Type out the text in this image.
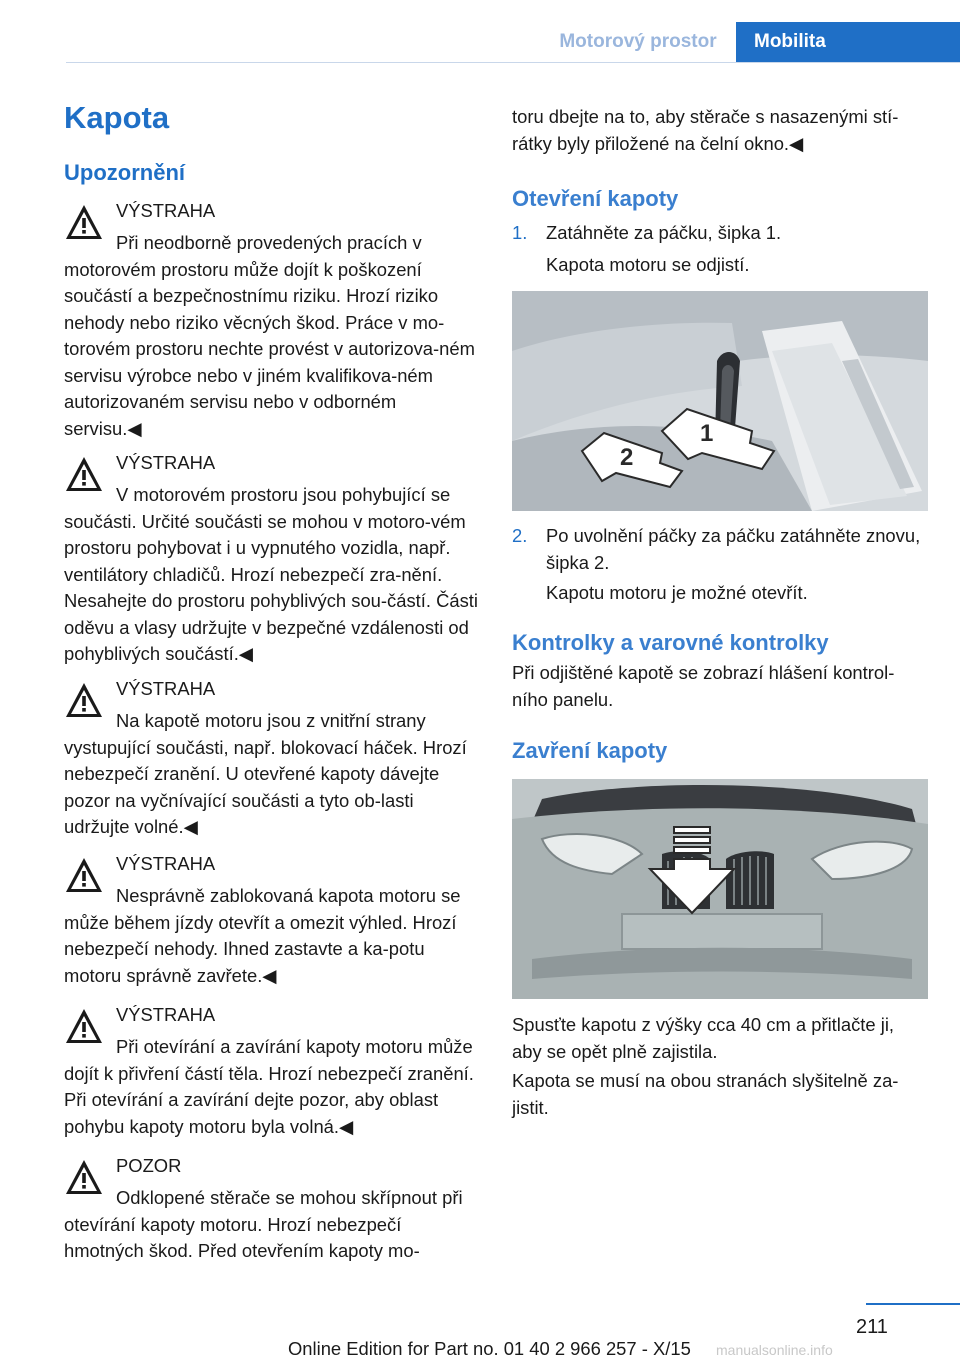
Motorový prostor	Mobilita
Kapota
Upozornění
VÝSTRAHA
Při neodborně provedených pracích v motorovém prostoru může dojít k poškození součástí a bezpečnostnímu riziku. Hrozí riziko nehody nebo riziko věcných škod. Práce v mo-torovém prostoru nechte provést v autorizova-ném servisu výrobce nebo v jiném kvalifikova-ném autorizovaném servisu nebo v odborném servisu.◀
VÝSTRAHA
V motorovém prostoru jsou pohybující se součásti. Určité součásti se mohou v motoro-vém prostoru pohybovat i u vypnutého vozidla, např. ventilátory chladičů. Hrozí nebezpečí zra-nění. Nesahejte do prostoru pohyblivých sou-částí. Části oděvu a vlasy udržujte v bezpečné vzdálenosti od pohyblivých součástí.◀
VÝSTRAHA
Na kapotě motoru jsou z vnitřní strany vystupující součásti, např. blokovací háček. Hrozí nebezpečí zranění. U otevřené kapoty dávejte pozor na vyčnívající součásti a tyto ob-lasti udržujte volné.◀
VÝSTRAHA
Nesprávně zablokovaná kapota motoru se může během jízdy otevřít a omezit výhled. Hrozí nebezpečí nehody. Ihned zastavte a ka-potu motoru správně zavřete.◀
VÝSTRAHA
Při otevírání a zavírání kapoty motoru může dojít k přivření částí těla. Hrozí nebezpečí zranění. Při otevírání a zavírání dejte pozor, aby oblast pohybu kapoty motoru byla volná.◀
POZOR
Odklopené stěrače se mohou skřípnout při otevírání kapoty motoru. Hrozí nebezpečí hmotných škod. Před otevřením kapoty mo-
toru dbejte na to, aby stěrače s nasazenými stí-rátky byly přiložené na čelní okno.◀
Otevření kapoty
1. Zatáhněte za páčku, šipka 1.
Kapota motoru se odjistí.
1
2
2. Po uvolnění páčky za páčku zatáhněte znovu, šipka 2.
Kapotu motoru je možné otevřít.
Kontrolky a varovné kontrolky
Při odjištěné kapotě se zobrazí hlášení kontrol-ního panelu.
Zavření kapoty
Spusťte kapotu z výšky cca 40 cm a přitlačte ji, aby se opět plně zajistila.
Kapota se musí na obou stranách slyšitelně za-jistit.
211
Online Edition for Part no. 01 40 2 966 257 - X/15 manualsonline.info
